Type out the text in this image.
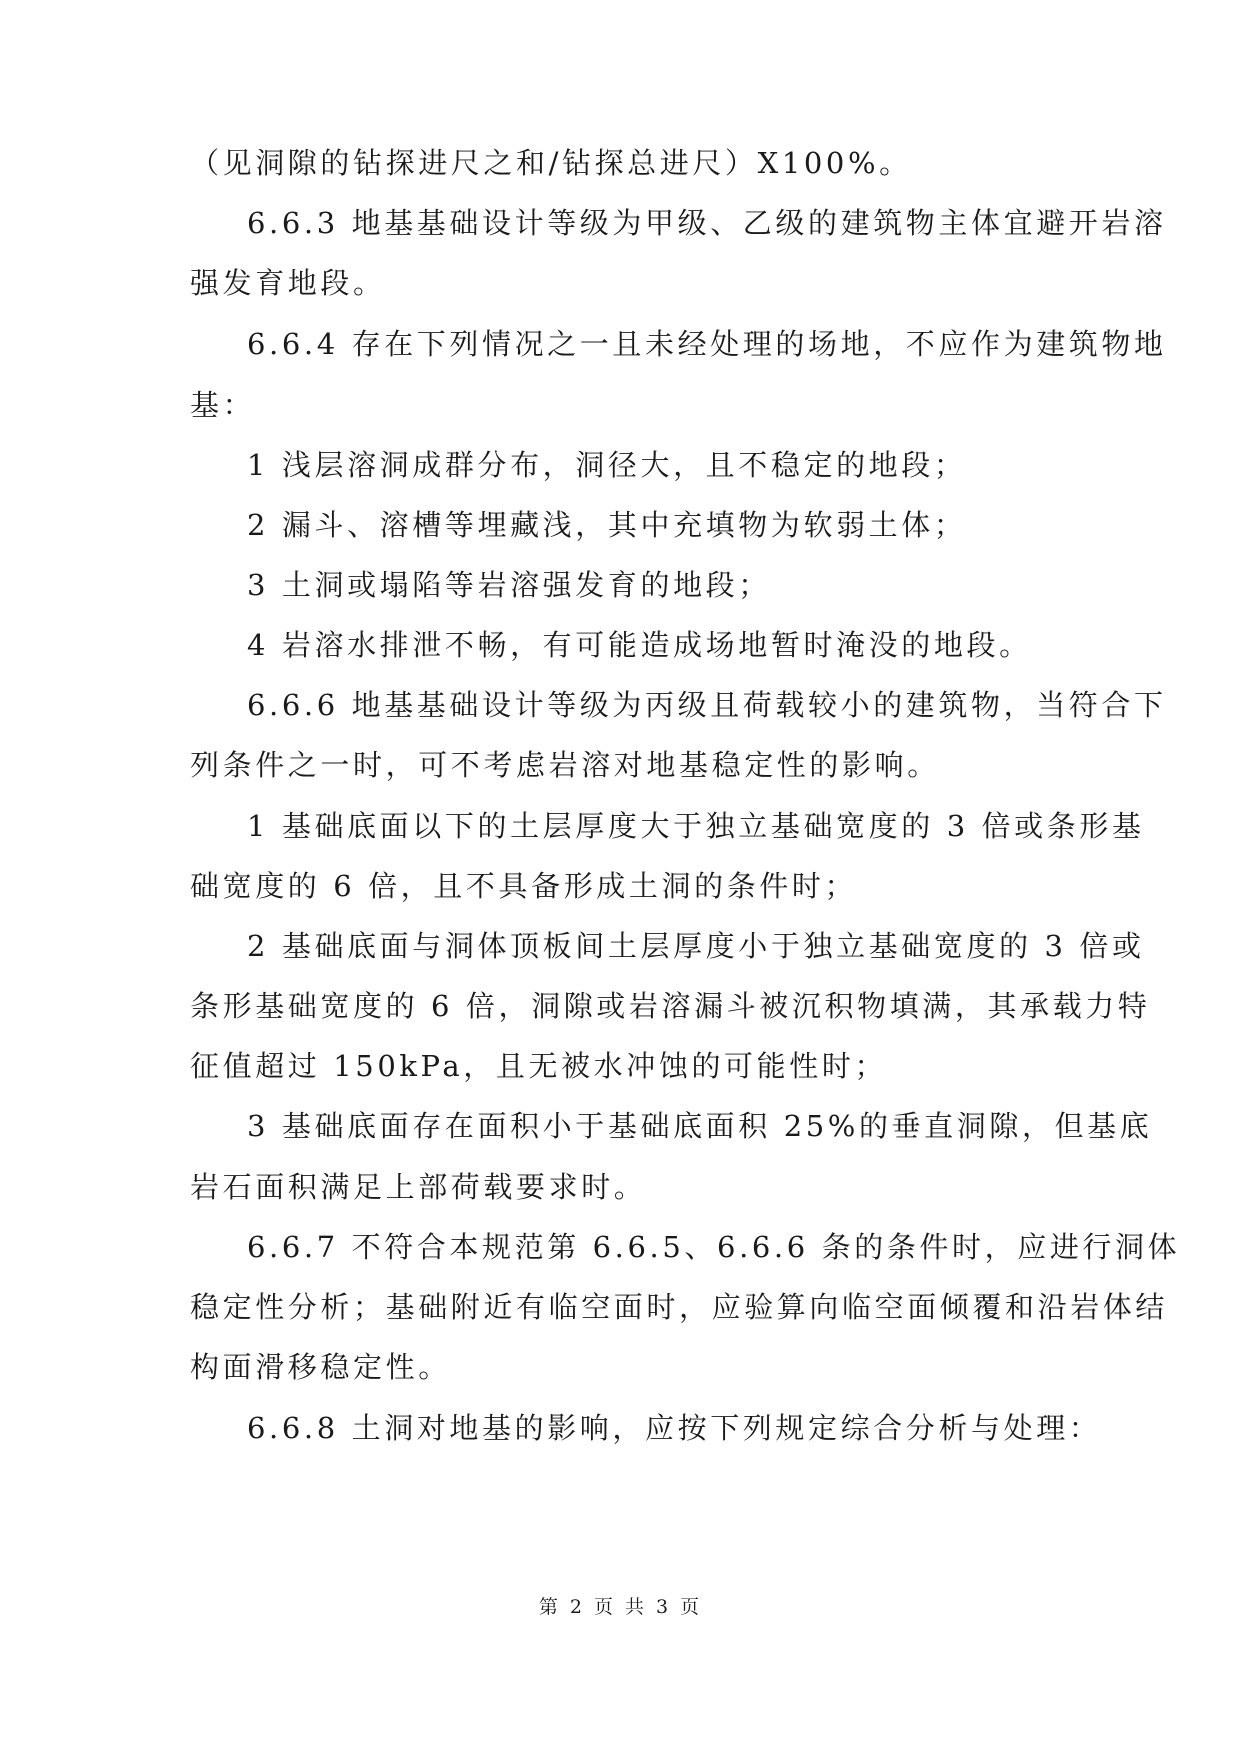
（见洞隙的钻探进尺之和/钻探总进尺）X100%。
6.6.3 地基基础设计等级为甲级、乙级的建筑物主体宜避开岩溶
强发育地段。
6.6.4 存在下列情况之一且未经处理的场地，不应作为建筑物地
基：
1 浅层溶洞成群分布，洞径大，且不稳定的地段；
2 漏斗、溶槽等埋藏浅，其中充填物为软弱土体；
3 土洞或塌陷等岩溶强发育的地段；
4 岩溶水排泄不畅，有可能造成场地暂时淹没的地段。
6.6.6 地基基础设计等级为丙级且荷载较小的建筑物，当符合下
列条件之一时，可不考虑岩溶对地基稳定性的影响。
1 基础底面以下的土层厚度大于独立基础宽度的 3 倍或条形基
础宽度的 6 倍，且不具备形成土洞的条件时；
2 基础底面与洞体顶板间土层厚度小于独立基础宽度的 3 倍或
条形基础宽度的 6 倍，洞隙或岩溶漏斗被沉积物填满，其承载力特
征值超过 150kPa，且无被水冲蚀的可能性时；
3 基础底面存在面积小于基础底面积 25%的垂直洞隙，但基底
岩石面积满足上部荷载要求时。
6.6.7 不符合本规范第 6.6.5、6.6.6 条的条件时，应进行洞体
稳定性分析；基础附近有临空面时，应验算向临空面倾覆和沿岩体结
构面滑移稳定性。
6.6.8 土洞对地基的影响，应按下列规定综合分析与处理：
第 2 页 共 3 页
